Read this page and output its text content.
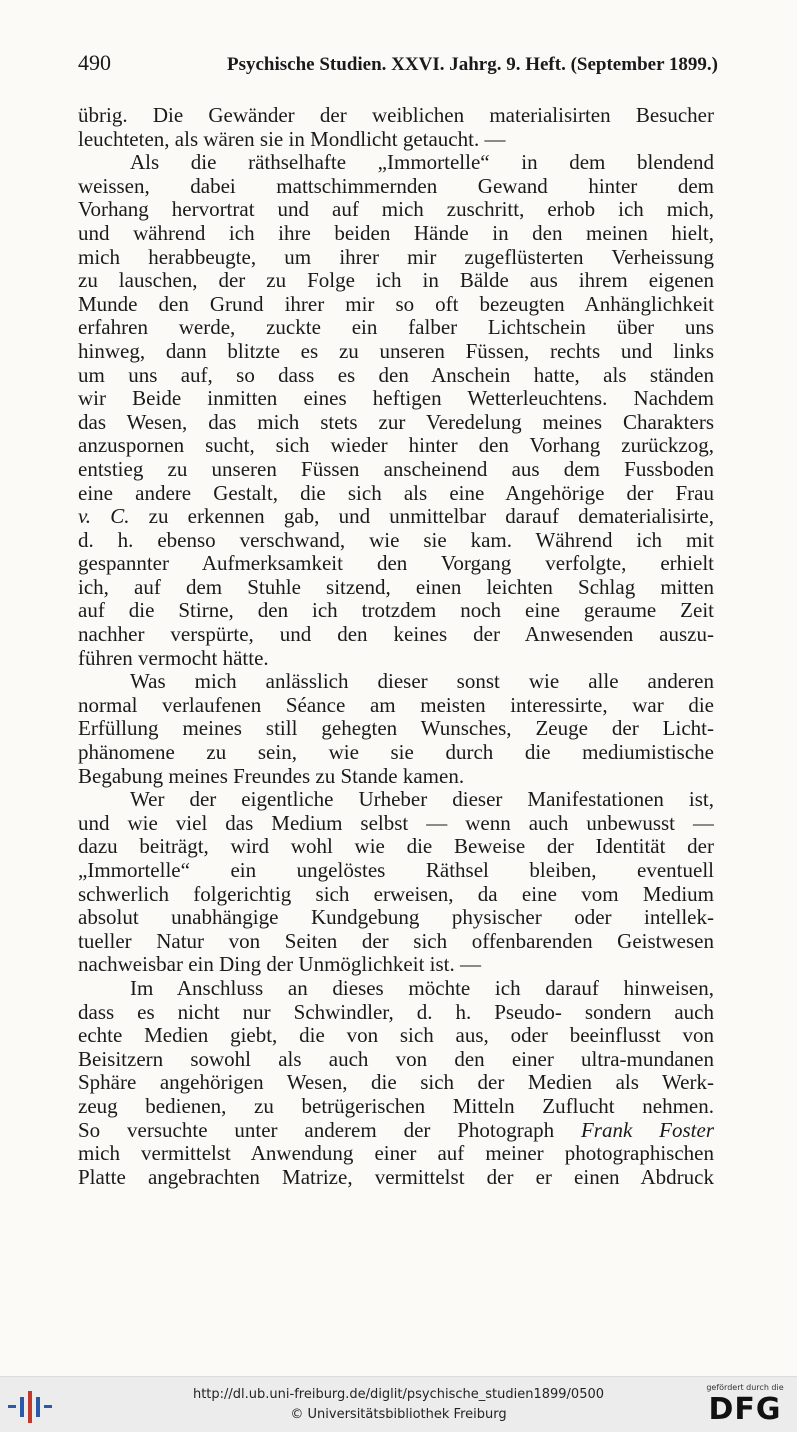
490	Psychische Studien. XXVI. Jahrg. 9. Heft. (September 1899.)
übrig. Die Gewänder der weiblichen materialisirten Besucher
leuchteten, als wären sie in Mondlicht getaucht. —
Als die räthselhafte „Immortelle“ in dem blendend
weissen, dabei mattschimmernden Gewand hinter dem
Vorhang hervortrat und auf mich zuschritt, erhob ich mich,
und während ich ihre beiden Hände in den meinen hielt,
mich herabbeugte, um ihrer mir zugeflüsterten Verheissung
zu lauschen, der zu Folge ich in Bälde aus ihrem eigenen
Munde den Grund ihrer mir so oft bezeugten Anhänglichkeit
erfahren werde, zuckte ein falber Lichtschein über uns
hinweg, dann blitzte es zu unseren Füssen, rechts und links
um uns auf, so dass es den Anschein hatte, als ständen
wir Beide inmitten eines heftigen Wetterleuchtens. Nachdem
das Wesen, das mich stets zur Veredelung meines Charakters
anzuspornen sucht, sich wieder hinter den Vorhang zurückzog,
entstieg zu unseren Füssen anscheinend aus dem Fussboden
eine andere Gestalt, die sich als eine Angehörige der Frau
v. C. zu erkennen gab, und unmittelbar darauf dematerialisirte,
d. h. ebenso verschwand, wie sie kam. Während ich mit
gespannter Aufmerksamkeit den Vorgang verfolgte, erhielt
ich, auf dem Stuhle sitzend, einen leichten Schlag mitten
auf die Stirne, den ich trotzdem noch eine geraume Zeit
nachher verspürte, und den keines der Anwesenden auszu-
führen vermocht hätte.
Was mich anlässlich dieser sonst wie alle anderen
normal verlaufenen Séance am meisten interessirte, war die
Erfüllung meines still gehegten Wunsches, Zeuge der Licht-
phänomene zu sein, wie sie durch die mediumistische
Begabung meines Freundes zu Stande kamen.
Wer der eigentliche Urheber dieser Manifestationen ist,
und wie viel das Medium selbst — wenn auch unbewusst —
dazu beiträgt, wird wohl wie die Beweise der Identität der
„Immortelle“ ein ungelöstes Räthsel bleiben, eventuell
schwerlich folgerichtig sich erweisen, da eine vom Medium
absolut unabhängige Kundgebung physischer oder intellek-
tueller Natur von Seiten der sich offenbarenden Geistwesen
nachweisbar ein Ding der Unmöglichkeit ist. —
Im Anschluss an dieses möchte ich darauf hinweisen,
dass es nicht nur Schwindler, d. h. Pseudo- sondern auch
echte Medien giebt, die von sich aus, oder beeinflusst von
Beisitzern sowohl als auch von den einer ultra-mundanen
Sphäre angehörigen Wesen, die sich der Medien als Werk-
zeug bedienen, zu betrügerischen Mitteln Zuflucht nehmen.
So versuchte unter anderem der Photograph Frank Foster
mich vermittelst Anwendung einer auf meiner photographischen
Platte angebrachten Matrize, vermittelst der er einen Abdruck
http://dl.ub.uni-freiburg.de/diglit/psychische_studien1899/0500
© Universitätsbibliothek Freiburg
gefördert durch die
DFG
